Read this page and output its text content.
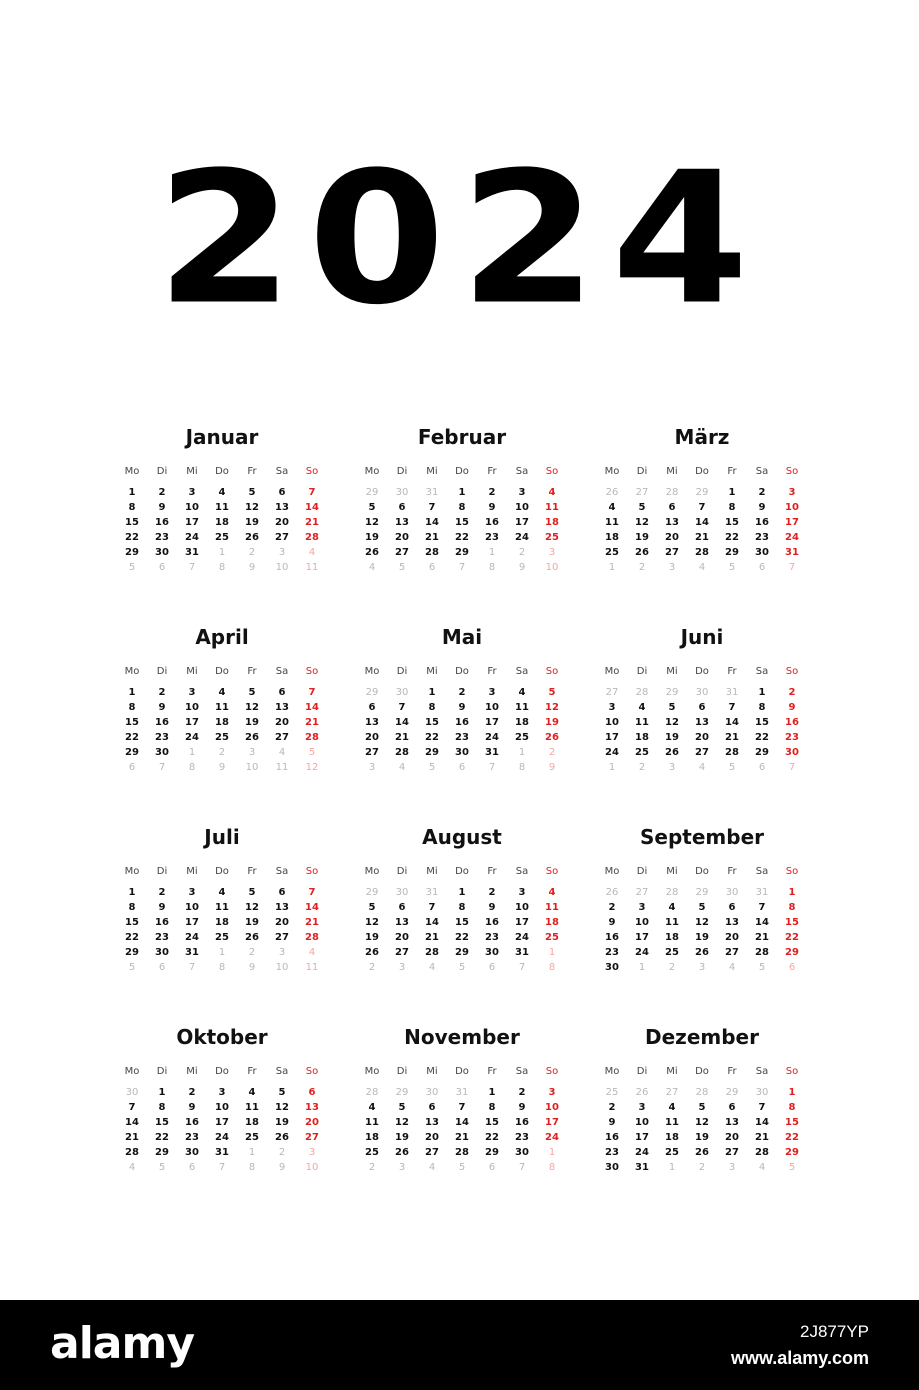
2024
Januar
Mo	Di	Mi	Do	Fr	Sa	So
1	2	3	4	5	6	7
8	9	10	11	12	13	14
15	16	17	18	19	20	21
22	23	24	25	26	27	28
29	30	31	1	2	3	4
5	6	7	8	9	10	11
Februar
Mo	Di	Mi	Do	Fr	Sa	So
29	30	31	1	2	3	4
5	6	7	8	9	10	11
12	13	14	15	16	17	18
19	20	21	22	23	24	25
26	27	28	29	1	2	3
4	5	6	7	8	9	10
März
Mo	Di	Mi	Do	Fr	Sa	So
26	27	28	29	1	2	3
4	5	6	7	8	9	10
11	12	13	14	15	16	17
18	19	20	21	22	23	24
25	26	27	28	29	30	31
1	2	3	4	5	6	7
April
Mo	Di	Mi	Do	Fr	Sa	So
1	2	3	4	5	6	7
8	9	10	11	12	13	14
15	16	17	18	19	20	21
22	23	24	25	26	27	28
29	30	1	2	3	4	5
6	7	8	9	10	11	12
Mai
Mo	Di	Mi	Do	Fr	Sa	So
29	30	1	2	3	4	5
6	7	8	9	10	11	12
13	14	15	16	17	18	19
20	21	22	23	24	25	26
27	28	29	30	31	1	2
3	4	5	6	7	8	9
Juni
Mo	Di	Mi	Do	Fr	Sa	So
27	28	29	30	31	1	2
3	4	5	6	7	8	9
10	11	12	13	14	15	16
17	18	19	20	21	22	23
24	25	26	27	28	29	30
1	2	3	4	5	6	7
Juli
Mo	Di	Mi	Do	Fr	Sa	So
1	2	3	4	5	6	7
8	9	10	11	12	13	14
15	16	17	18	19	20	21
22	23	24	25	26	27	28
29	30	31	1	2	3	4
5	6	7	8	9	10	11
August
Mo	Di	Mi	Do	Fr	Sa	So
29	30	31	1	2	3	4
5	6	7	8	9	10	11
12	13	14	15	16	17	18
19	20	21	22	23	24	25
26	27	28	29	30	31	1
2	3	4	5	6	7	8
September
Mo	Di	Mi	Do	Fr	Sa	So
26	27	28	29	30	31	1
2	3	4	5	6	7	8
9	10	11	12	13	14	15
16	17	18	19	20	21	22
23	24	25	26	27	28	29
30	1	2	3	4	5	6
Oktober
Mo	Di	Mi	Do	Fr	Sa	So
30	1	2	3	4	5	6
7	8	9	10	11	12	13
14	15	16	17	18	19	20
21	22	23	24	25	26	27
28	29	30	31	1	2	3
4	5	6	7	8	9	10
November
Mo	Di	Mi	Do	Fr	Sa	So
28	29	30	31	1	2	3
4	5	6	7	8	9	10
11	12	13	14	15	16	17
18	19	20	21	22	23	24
25	26	27	28	29	30	1
2	3	4	5	6	7	8
Dezember
Mo	Di	Mi	Do	Fr	Sa	So
25	26	27	28	29	30	1
2	3	4	5	6	7	8
9	10	11	12	13	14	15
16	17	18	19	20	21	22
23	24	25	26	27	28	29
30	31	1	2	3	4	5
alamy	2J877YP
www.alamy.com
